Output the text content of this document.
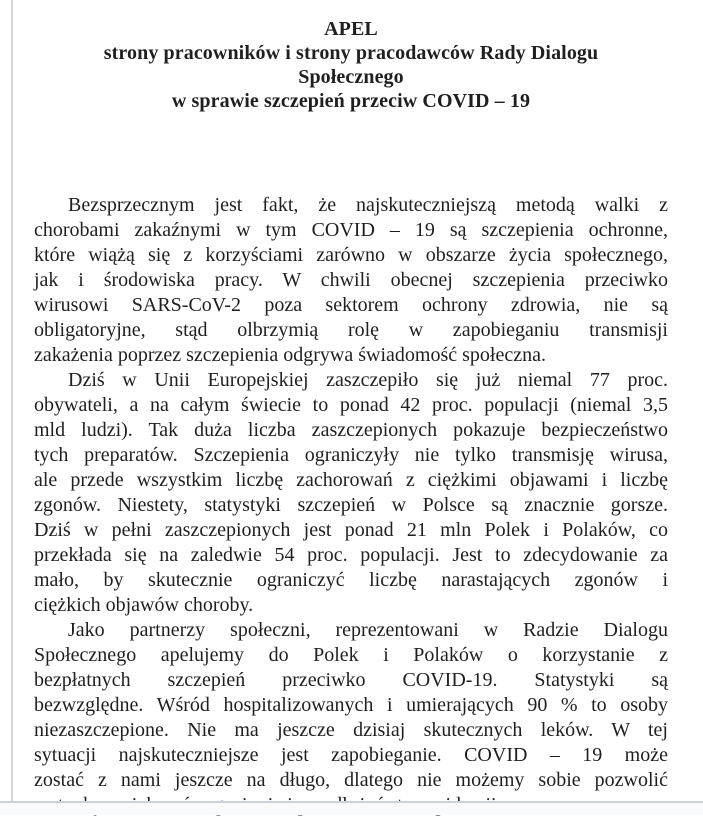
APEL
strony pracowników i strony pracodawców Rady Dialogu
Społecznego
w sprawie szczepień przeciw COVID – 19
Bezsprzecznym jest fakt, że najskuteczniejszą metodą walki z
chorobami zakaźnymi w tym COVID – 19 są szczepienia ochronne,
które wiążą się z korzyściami zarówno w obszarze życia społecznego,
jak i środowiska pracy. W chwili obecnej szczepienia przeciwko
wirusowi SARS-CoV-2 poza sektorem ochrony zdrowia, nie są
obligatoryjne, stąd olbrzymią rolę w zapobieganiu transmisji
zakażenia poprzez szczepienia odgrywa świadomość społeczna.
Dziś w Unii Europejskiej zaszczepiło się już niemal 77 proc.
obywateli, a na całym świecie to ponad 42 proc. populacji (niemal 3,5
mld ludzi). Tak duża liczba zaszczepionych pokazuje bezpieczeństwo
tych preparatów. Szczepienia ograniczyły nie tylko transmisję wirusa,
ale przede wszystkim liczbę zachorowań z ciężkimi objawami i liczbę
zgonów. Niestety, statystyki szczepień w Polsce są znacznie gorsze.
Dziś w pełni zaszczepionych jest ponad 21 mln Polek i Polaków, co
przekłada się na zaledwie 54 proc. populacji. Jest to zdecydowanie za
mało, by skutecznie ograniczyć liczbę narastających zgonów i
ciężkich objawów choroby.
Jako partnerzy społeczni, reprezentowani w Radzie Dialogu
Społecznego apelujemy do Polek i Polaków o korzystanie z
bezpłatnych szczepień przeciwko COVID-19. Statystyki są
bezwzględne. Wśród hospitalizowanych i umierających 90 % to osoby
niezaszczepione. Nie ma jeszcze dzisiaj skutecznych leków. W tej
sytuacji najskuteczniejsze jest zapobieganie. COVID – 19 może
zostać z nami jeszcze na długo, dlatego nie możemy sobie pozwolić
